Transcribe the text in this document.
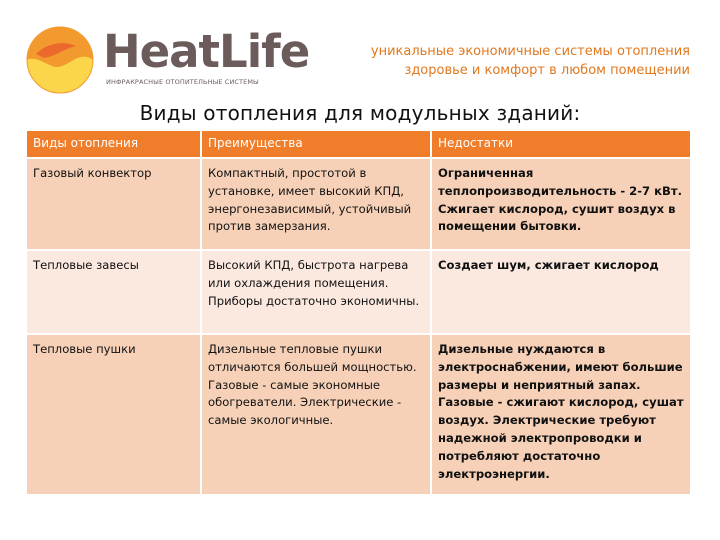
HeatLife
ИНФРАКРАСНЫЕ ОТОПИТЕЛЬНЫЕ СИСТЕМЫ
уникальные экономичные системы отопления
здоровье и комфорт в любом помещении
Виды отопления для модульных зданий:
Виды отопления	Преимущества	Недостатки
Газовый конвектор	Компактный, простотой в установке, имеет высокий КПД, энергонезависимый, устойчивый против замерзания.	Ограниченная теплопроизводительность - 2-7 кВт. Сжигает кислород, сушит воздух в помещении бытовки.
Тепловые завесы	Высокий КПД, быстрота нагрева или охлаждения помещения. Приборы достаточно экономичны.	Создает шум, сжигает кислород
Тепловые пушки	Дизельные тепловые пушки отличаются большей мощностью. Газовые - самые экономные обогреватели. Электрические - самые экологичные.	Дизельные нуждаются в электроснабжении, имеют большие размеры и неприятный запах. Газовые - сжигают кислород, сушат воздух. Электрические требуют надежной электропроводки и потребляют достаточно электроэнергии.
